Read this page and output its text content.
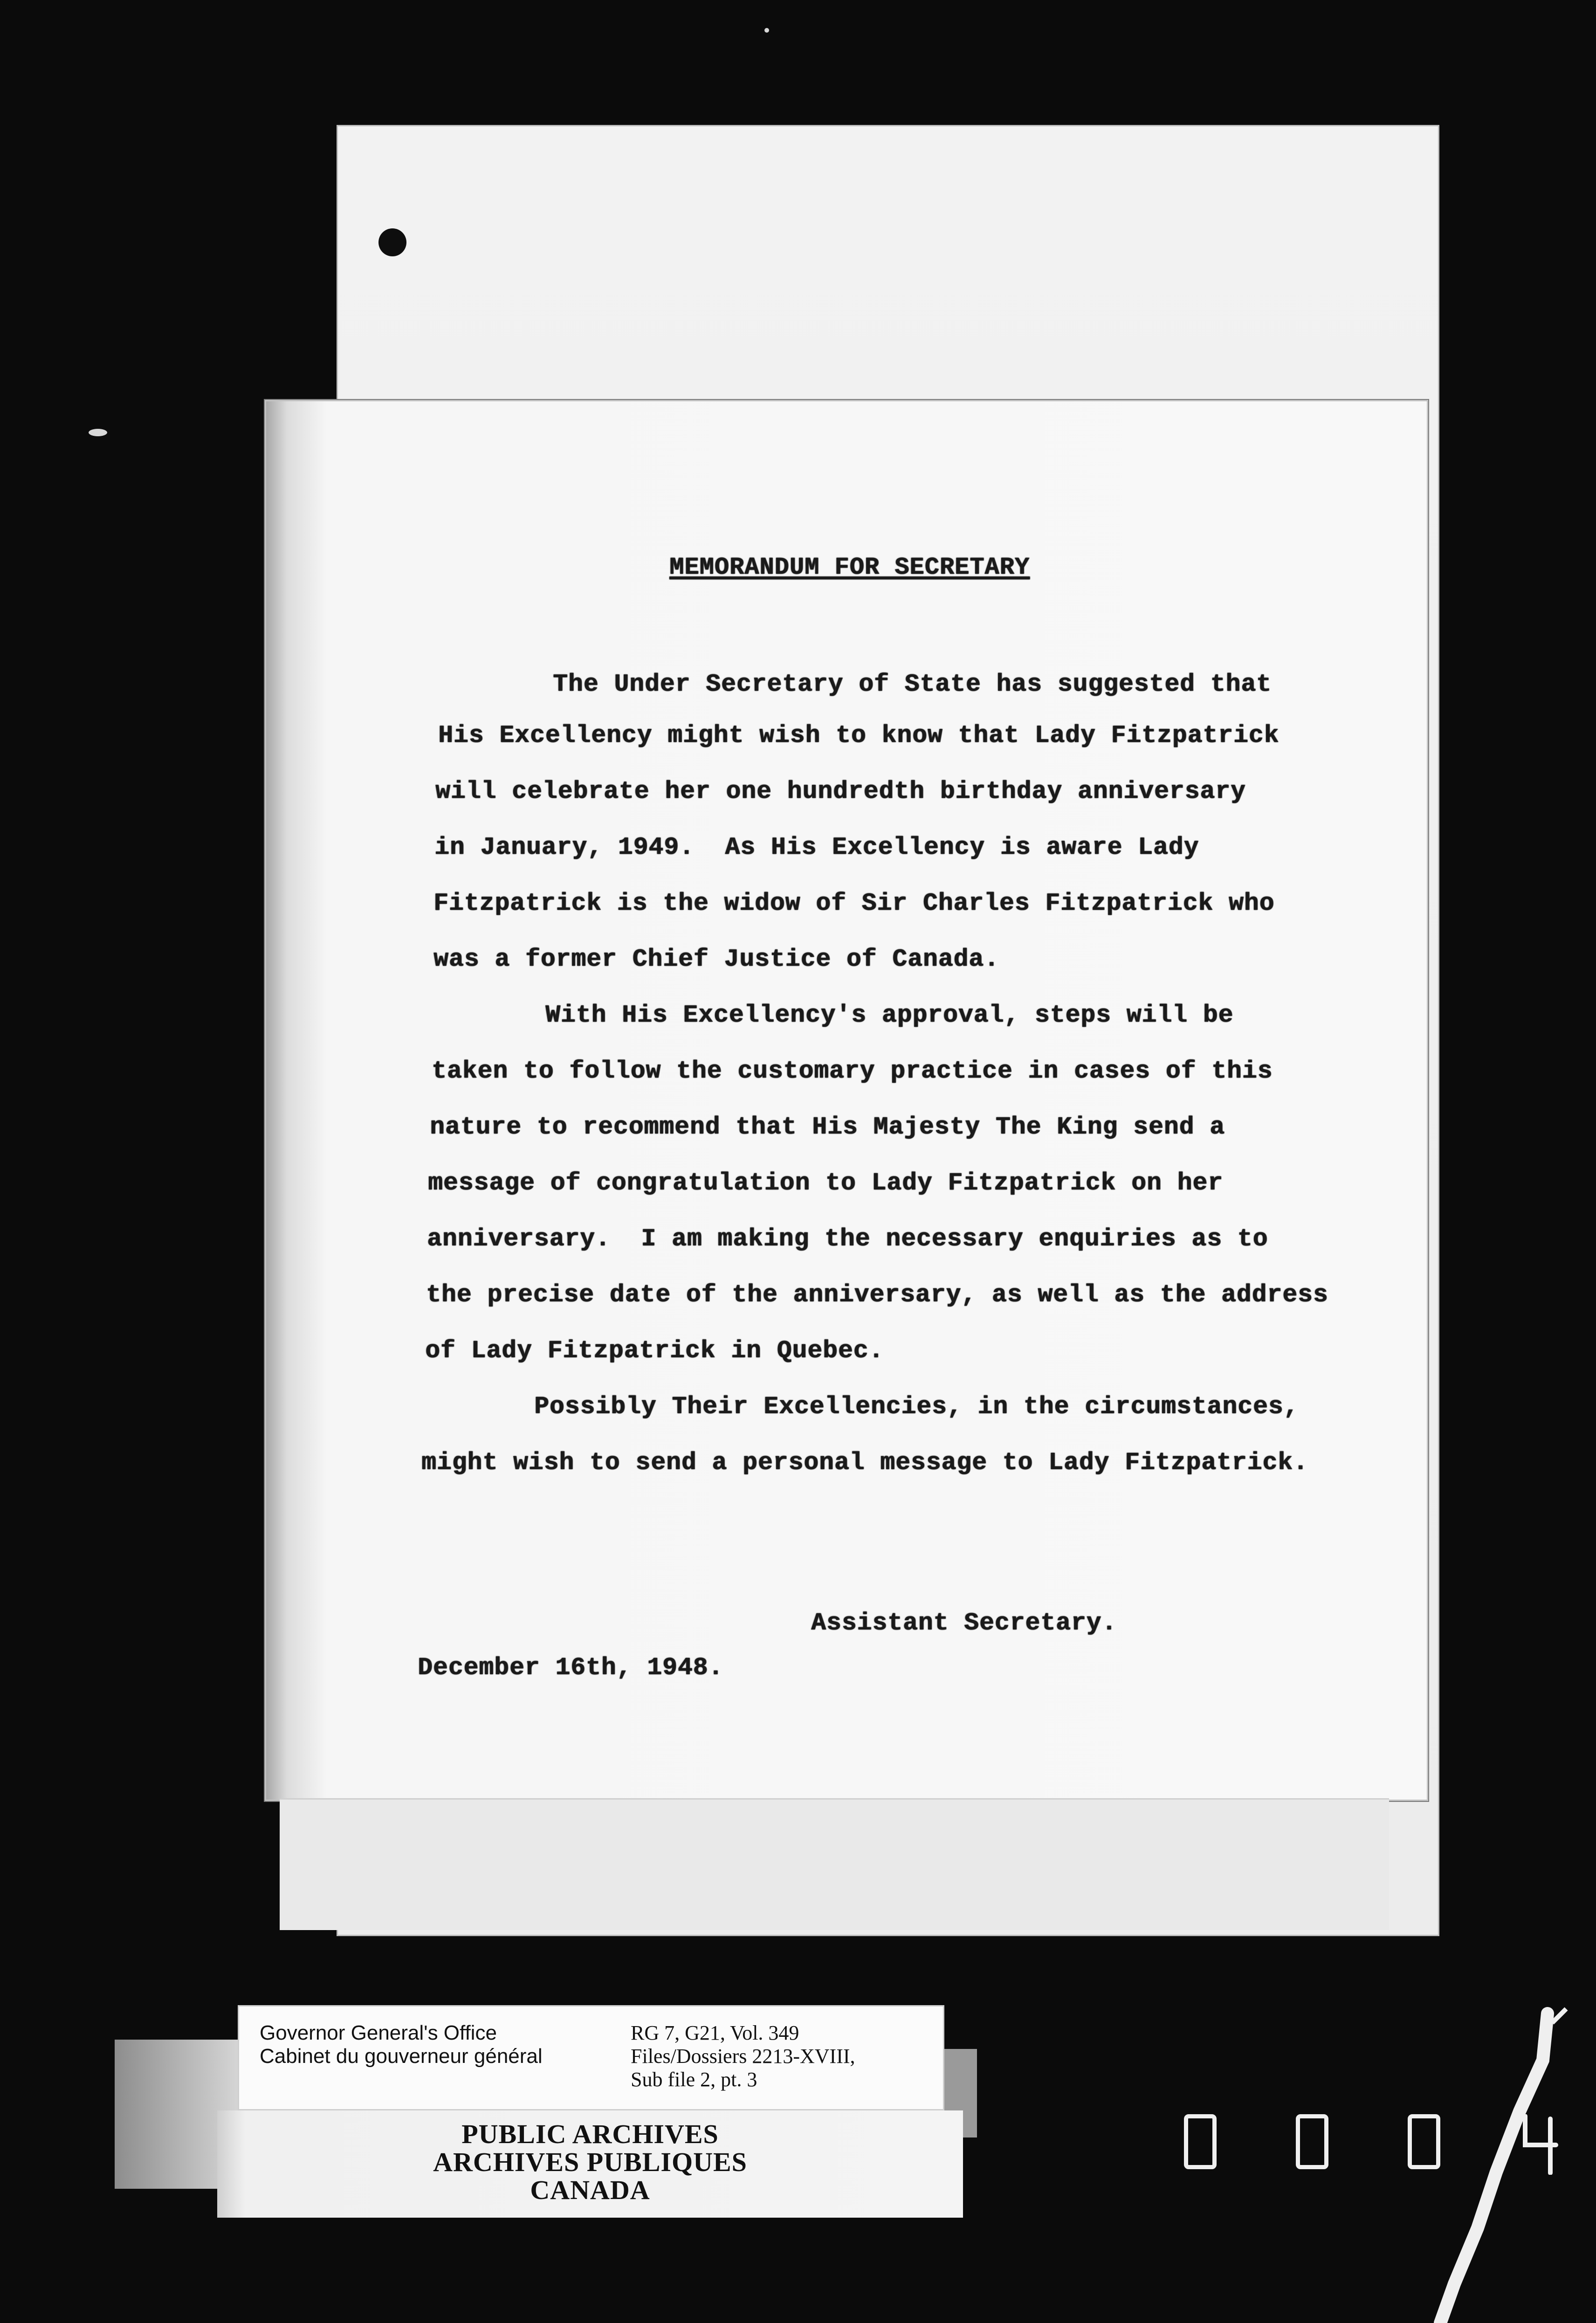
MEMORANDUM FOR SECRETARY
The Under Secretary of State has suggested that
His Excellency might wish to know that Lady Fitzpatrick
will celebrate her one hundredth birthday anniversary
in January, 1949.  As His Excellency is aware Lady
Fitzpatrick is the widow of Sir Charles Fitzpatrick who
was a former Chief Justice of Canada.
With His Excellency's approval, steps will be
taken to follow the customary practice in cases of this
nature to recommend that His Majesty The King send a
message of congratulation to Lady Fitzpatrick on her
anniversary.  I am making the necessary enquiries as to
the precise date of the anniversary, as well as the address
of Lady Fitzpatrick in Quebec.
Possibly Their Excellencies, in the circumstances,
might wish to send a personal message to Lady Fitzpatrick.
Assistant Secretary.
December 16th, 1948.
Governor General's Office
Cabinet du gouverneur général
RG 7, G21, Vol. 349
Files/Dossiers 2213-XVIII,
Sub file 2, pt. 3
PUBLIC ARCHIVES
ARCHIVES PUBLIQUES
CANADA
